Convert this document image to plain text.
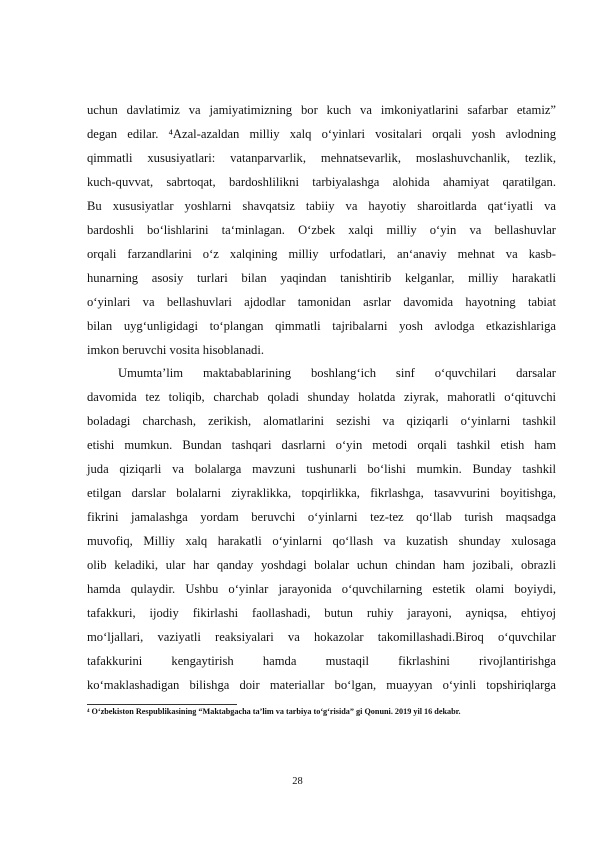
uchun davlatimiz va jamiyatimizning bor kuch va imkoniyatlarini safarbar etamiz”
degan edilar. ⁴Azal-azaldan milliy xalq o‘yinlari vositalari orqali yosh avlodning
qimmatli xususiyatlari: vatanparvarlik, mehnatsevarlik, moslashuvchanlik, tezlik,
kuch-quvvat, sabrtoqat, bardoshlilikni tarbiyalashga alohida ahamiyat qaratilgan.
Bu xususiyatlar yoshlarni shavqatsiz tabiiy va hayotiy sharoitlarda qat‘iyatli va
bardoshli bo‘lishlarini ta‘minlagan. O‘zbek xalqi milliy o‘yin va bellashuvlar
orqali farzandlarini o‘z xalqining milliy urfodatlari, an‘anaviy mehnat va kasb-
hunarning asosiy turlari bilan yaqindan tanishtirib kelganlar, milliy harakatli
o‘yinlari va bellashuvlari ajdodlar tamonidan asrlar davomida hayotning tabiat
bilan uyg‘unligidagi to‘plangan qimmatli tajribalarni yosh avlodga etkazishlariga
imkon beruvchi vosita hisoblanadi.
Umumta’lim maktabablarining boshlang‘ich sinf o‘quvchilari darsalar
davomida tez toliqib, charchab qoladi shunday holatda ziyrak, mahoratli o‘qituvchi
boladagi charchash, zerikish, alomatlarini sezishi va qiziqarli o‘yinlarni tashkil
etishi mumkun. Bundan tashqari dasrlarni o‘yin metodi orqali tashkil etish ham
juda qiziqarli va bolalarga mavzuni tushunarli bo‘lishi mumkin. Bunday tashkil
etilgan darslar bolalarni ziyraklikka, topqirlikka, fikrlashga, tasavvurini boyitishga,
fikrini jamalashga yordam beruvchi o‘yinlarni tez-tez qo‘llab turish maqsadga
muvofiq, Milliy xalq harakatli o‘yinlarni qo‘llash va kuzatish shunday xulosaga
olib keladiki, ular har qanday yoshdagi bolalar uchun chindan ham jozibali, obrazli
hamda qulaydir. Ushbu o‘yinlar jarayonida o‘quvchilarning estetik olami boyiydi,
tafakkuri, ijodiy fikirlashi faollashadi, butun ruhiy jarayoni, ayniqsa, ehtiyoj
mo‘ljallari, vaziyatli reaksiyalari va hokazolar takomillashadi.Biroq o‘quvchilar
tafakkurini kengaytirish hamda mustaqil fikrlashini rivojlantirishga
ko‘maklashadigan bilishga doir materiallar bo‘lgan, muayyan o‘yinli topshiriqlarga
28
⁴ O‘zbekiston Respublikasining “Maktabgacha ta’lim va tarbiya to‘g‘risida” gi Qonuni. 2019 yil 16 dekabr.
